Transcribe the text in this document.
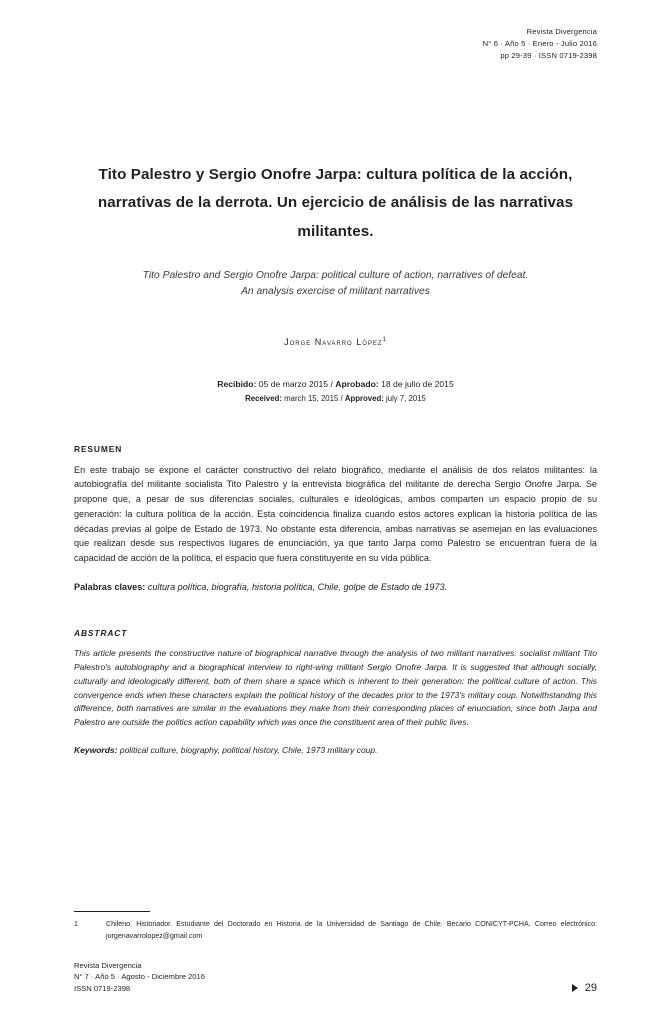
Revista Divergencia
N° 6 · Año 5 · Enero - Julio 2016
pp 29-39 · ISSN 0719-2398
Tito Palestro y Sergio Onofre Jarpa: cultura política de la acción, narrativas de la derrota. Un ejercicio de análisis de las narrativas militantes.
Tito Palestro and Sergio Onofre Jarpa: political culture of action, narratives of defeat.
An analysis exercise of militant narratives
Jorge Navarro López$^1$
Recibido: 05 de marzo 2015 / Aprobado: 18 de julio de 2015
Received: march 15, 2015 / Approved: july 7, 2015
RESUMEN
En este trabajo se expone el carácter constructivo del relato biográfico, mediante el análisis de dos relatos militantes: la autobiografía del militante socialista Tito Palestro y la entrevista biográfica del militante de derecha Sergio Onofre Jarpa. Se propone que, a pesar de sus diferencias sociales, culturales e ideológicas, ambos comparten un espacio propio de su generación: la cultura política de la acción. Esta coincidencia finaliza cuando estos actores explican la historia política de las décadas previas al golpe de Estado de 1973. No obstante esta diferencia, ambas narrativas se asemejan en las evaluaciones que realizan desde sus respectivos lugares de enunciación, ya que tanto Jarpa como Palestro se encuentran fuera de la capacidad de acción de la política, el espacio que fuera constituyente en su vida pública.
Palabras claves: cultura política, biografía, historia política, Chile, golpe de Estado de 1973.
ABSTRACT
This article presents the constructive nature of biographical narrative through the analysis of two militant narratives: socialist militant Tito Palestro's autobiography and a biographical interview to right-wing militant Sergio Onofre Jarpa. It is suggested that although socially, culturally and ideologically different, both of them share a space which is inherent to their generation: the political culture of action. This convergence ends when these characters explain the political history of the decades prior to the 1973's military coup. Notwithstanding this difference, both narratives are similar in the evaluations they make from their corresponding places of enunciation, since both Jarpa and Palestro are outside the politics action capability which was once the constituent area of their public lives.
Keywords: political culture, biography, political history, Chile, 1973 military coup.
1	Chileno. Historiador. Estudiante del Doctorado en Historia de la Universidad de Santiago de Chile. Becario CONICYT-PCHA. Correo electrónico: jorgenavarrolopez@gmail.com
Revista Divergencia
N° 7 · Año 5 · Agosto - Diciembre 2016
ISSN 0719-2398	29
